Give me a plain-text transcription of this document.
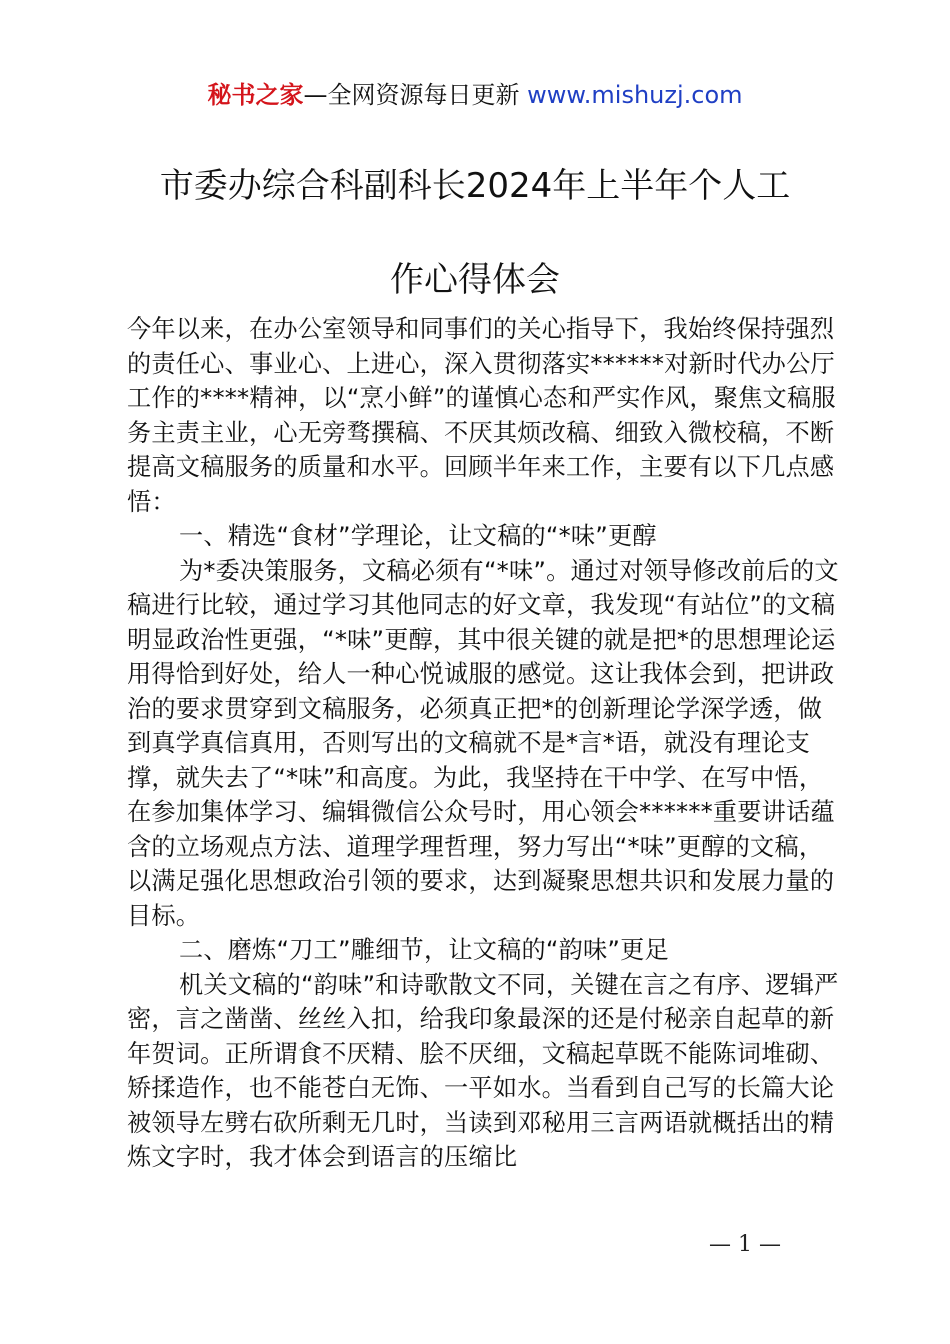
秘书之家—全网资源每日更新 www.mishuzj.com
市委办综合科副科长2024年上半年个人工
作心得体会

今年以来，在办公室领导和同事们的关心指导下，我始终保持强烈的责任心、事业心、上进心，深入贯彻落实******对新时代办公厅工作的****精神，以“烹小鲜”的谨慎心态和严实作风，聚焦文稿服务主责主业，心无旁骛撰稿、不厌其烦改稿、细致入微校稿，不断提高文稿服务的质量和水平。回顾半年来工作，主要有以下几点感悟：

一、精选“食材”学理论，让文稿的“*味”更醇

为*委决策服务，文稿必须有“*味”。通过对领导修改前后的文稿进行比较，通过学习其他同志的好文章，我发现“有站位”的文稿明显政治性更强，“*味”更醇，其中很关键的就是把*的思想理论运用得恰到好处，给人一种心悦诚服的感觉。这让我体会到，把讲政治的要求贯穿到文稿服务，必须真正把*的创新理论学深学透，做到真学真信真用，否则写出的文稿就不是*言*语，就没有理论支撑，就失去了“*味”和高度。为此，我坚持在干中学、在写中悟，在参加集体学习、编辑微信公众号时，用心领会******重要讲话蕴含的立场观点方法、道理学理哲理，努力写出“*味”更醇的文稿，以满足强化思想政治引领的要求，达到凝聚思想共识和发展力量的目标。

二、磨炼“刀工”雕细节，让文稿的“韵味”更足

机关文稿的“韵味”和诗歌散文不同，关键在言之有序、逻辑严密，言之凿凿、丝丝入扣，给我印象最深的还是付秘亲自起草的新年贺词。正所谓食不厌精、脍不厌细，文稿起草既不能陈词堆砌、矫揉造作，也不能苍白无饰、一平如水。当看到自己写的长篇大论被领导左劈右砍所剩无几时，当读到邓秘用三言两语就概括出的精炼文字时，我才体会到语言的压缩比

— 1 —
